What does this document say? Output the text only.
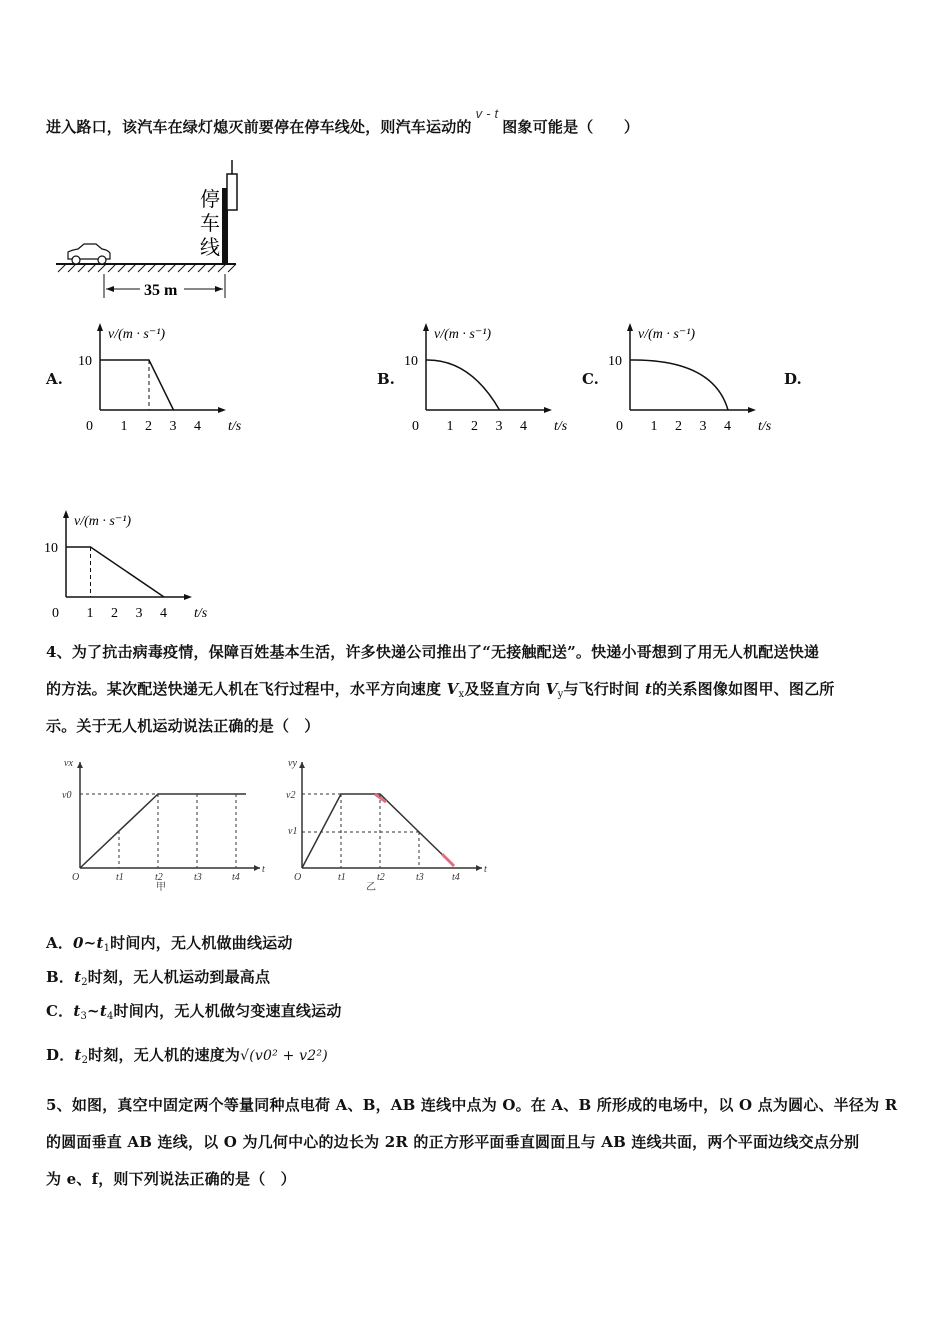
进入路口，该汽车在绿灯熄灭前要停在停车线处，则汽车运动的v - t图象可能是（　　）
停车线
35 m
A.	B.	C.	D.
v/(m · s⁻¹)
10
0 1 2 3 4 t/s
v/(m · s⁻¹)
10
0 1 2 3 4 t/s
v/(m · s⁻¹)
10
0 1 2 3 4 t/s
v/(m · s⁻¹)
10
0 1 2 3 4 t/s
4、为了抗击病毒疫情，保障百姓基本生活，许多快递公司推出了“无接触配送”。快递小哥想到了用无人机配送快递
的方法。某次配送快递无人机在飞行过程中，水平方向速度 $V_x$及竖直方向 $V_y$与飞行时间 t的关系图像如图甲、图乙所
示。关于无人机运动说法正确的是（　）
vx
v0
O
t
t1	t2	t3	t4
甲
vy
v2
v1
O
t
t1	t2	t3	t4
乙
A．$0\sim t_1$时间内，无人机做曲线运动
B．$t_2$时刻，无人机运动到最高点
C．$t_3\sim t_4$时间内，无人机做匀变速直线运动
D．$t_2$时刻，无人机的速度为√(v0² + v2²)
5、如图，真空中固定两个等量同种点电荷 A、B，AB 连线中点为 O。在 A、B 所形成的电场中，以 O 点为圆心、半径为 R
的圆面垂直 AB 连线，以 O 为几何中心的边长为 2R 的正方形平面垂直圆面且与 AB 连线共面，两个平面边线交点分别
为 e、f，则下列说法正确的是（　）
